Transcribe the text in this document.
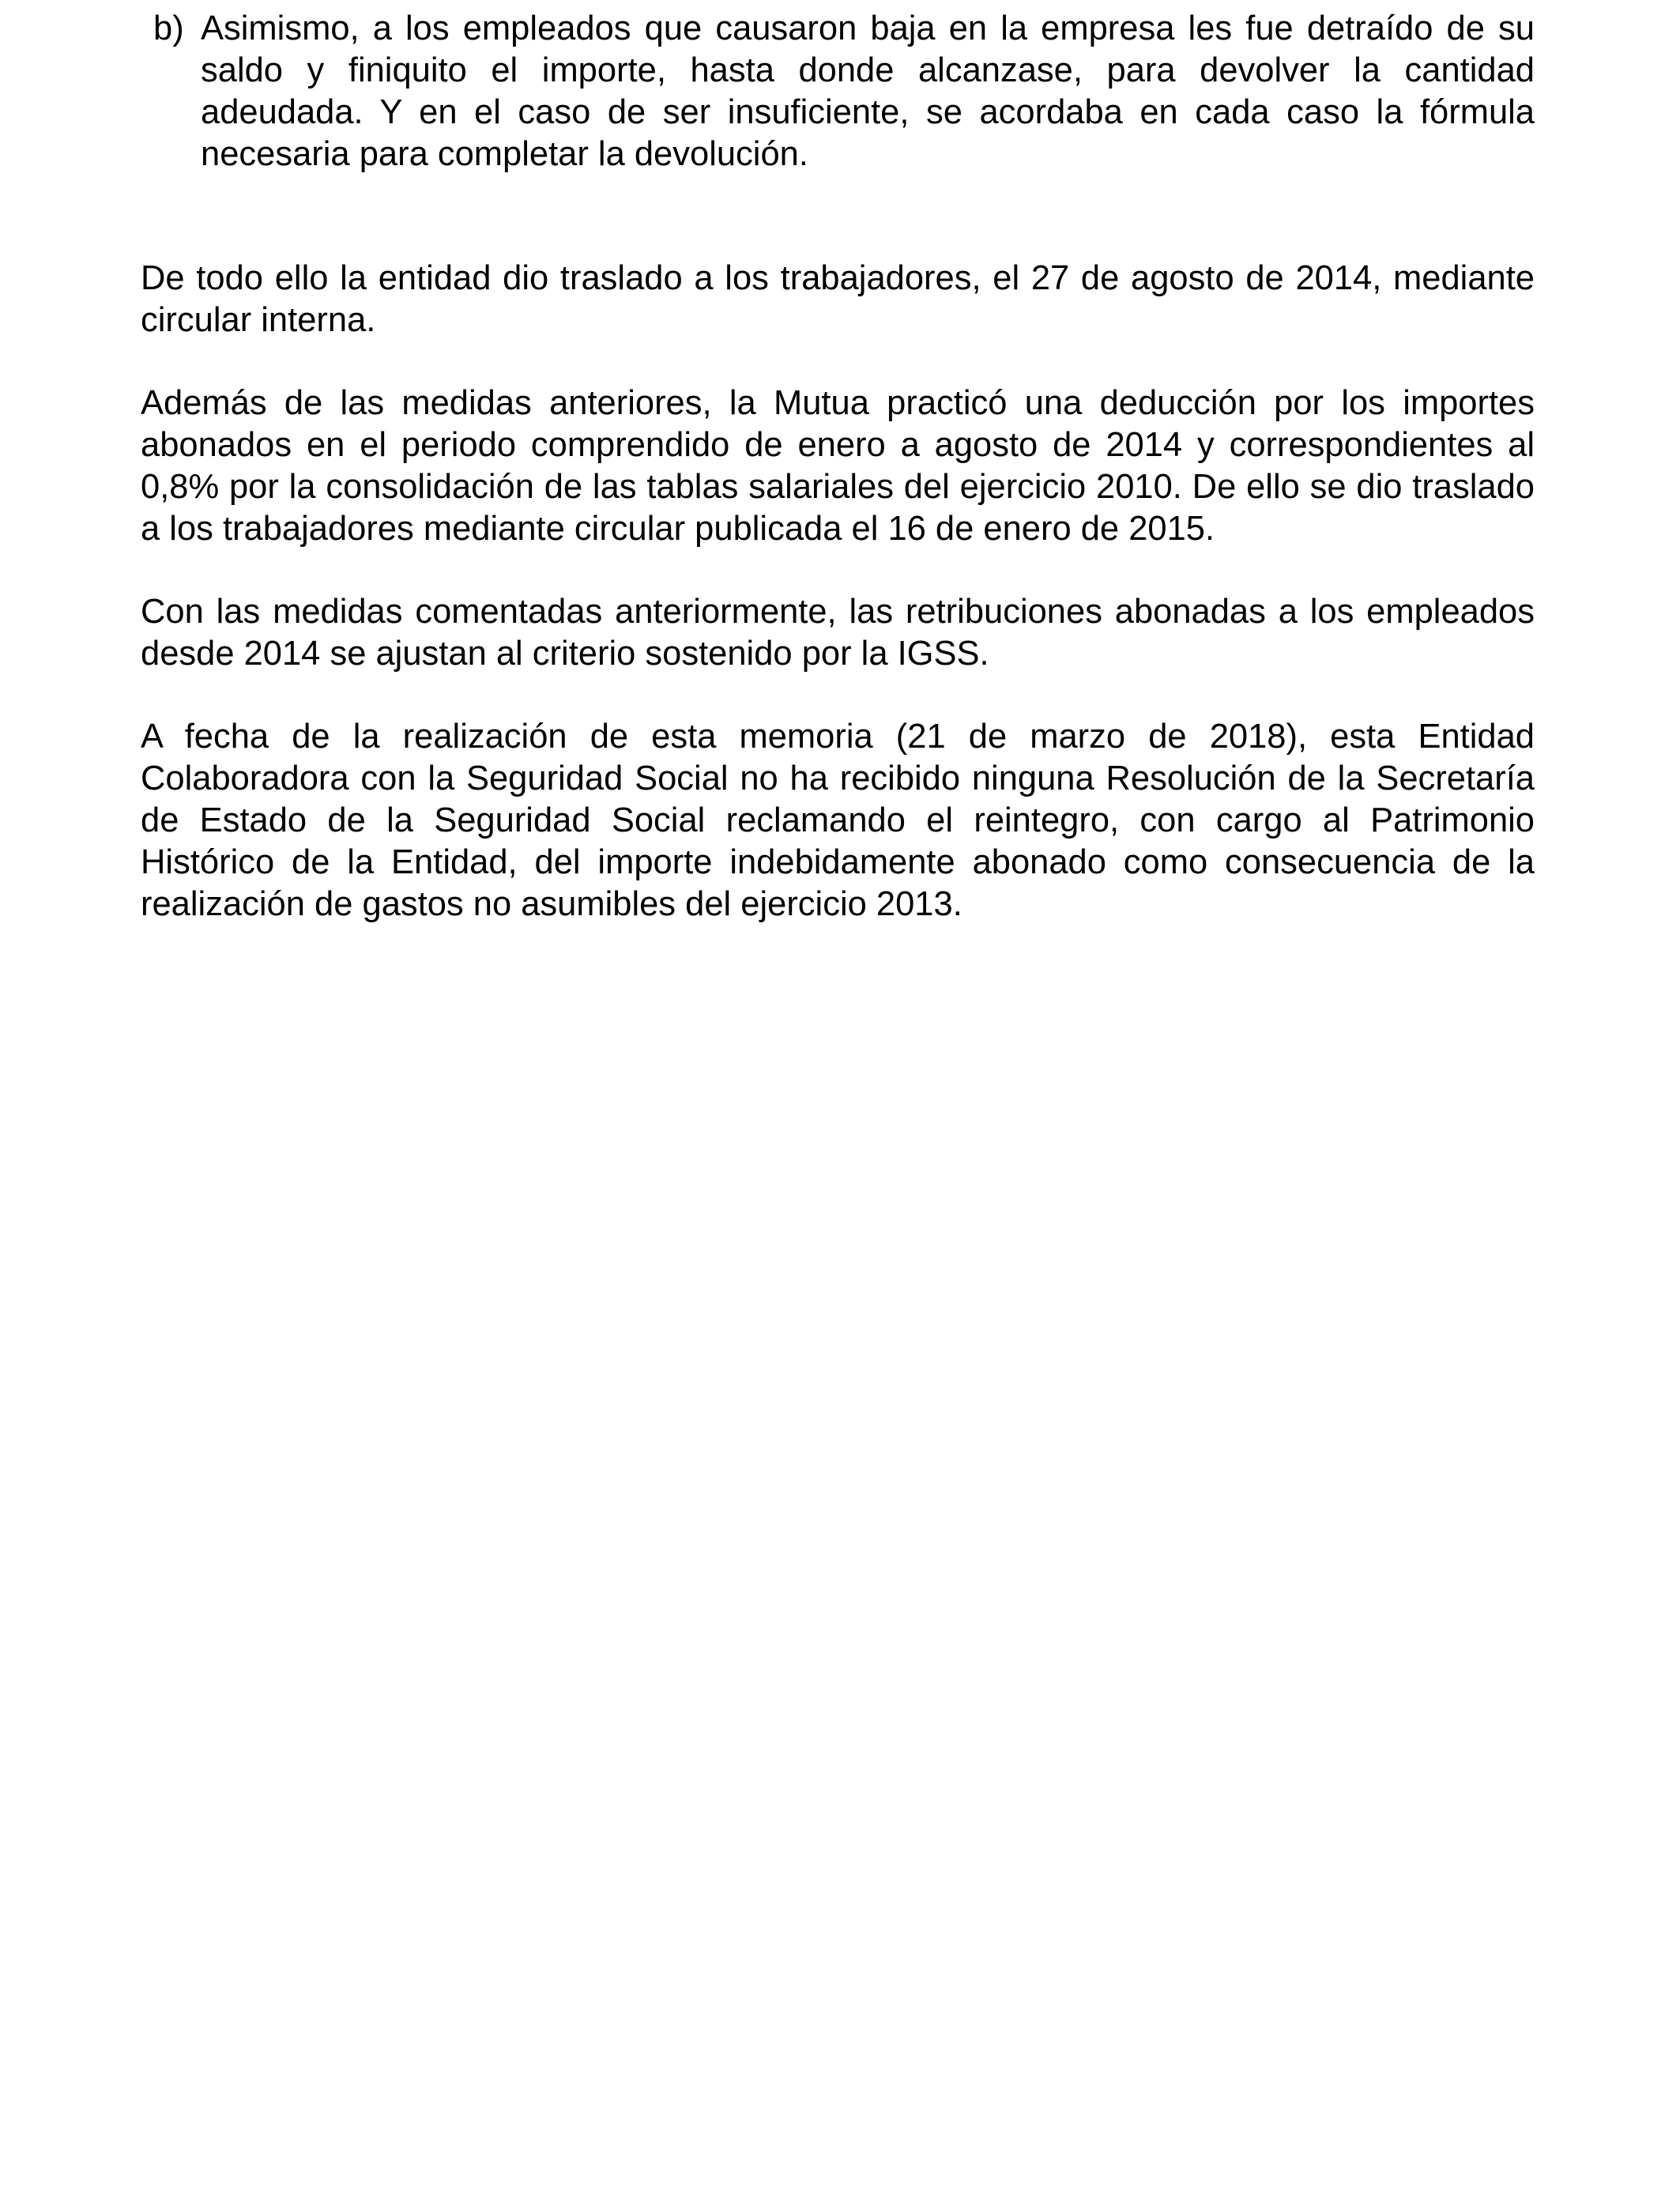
b) Asimismo, a los empleados que causaron baja en la empresa les fue detraído de su saldo y finiquito el importe, hasta donde alcanzase, para devolver la cantidad adeudada. Y en el caso de ser insuficiente, se acordaba en cada caso la fórmula necesaria para completar la devolución.

De todo ello la entidad dio traslado a los trabajadores, el 27 de agosto de 2014, mediante circular interna.

Además de las medidas anteriores, la Mutua practicó una deducción por los importes abonados en el periodo comprendido de enero a agosto de 2014 y correspondientes al 0,8% por la consolidación de las tablas salariales del ejercicio 2010. De ello se dio traslado a los trabajadores mediante circular publicada el 16 de enero de 2015.

Con las medidas comentadas anteriormente, las retribuciones abonadas a los empleados desde 2014 se ajustan al criterio sostenido por la IGSS.

A fecha de la realización de esta memoria (21 de marzo de 2018), esta Entidad Colaboradora con la Seguridad Social no ha recibido ninguna Resolución de la Secretaría de Estado de la Seguridad Social reclamando el reintegro, con cargo al Patrimonio Histórico de la Entidad, del importe indebidamente abonado como consecuencia de la realización de gastos no asumibles del ejercicio 2013.
